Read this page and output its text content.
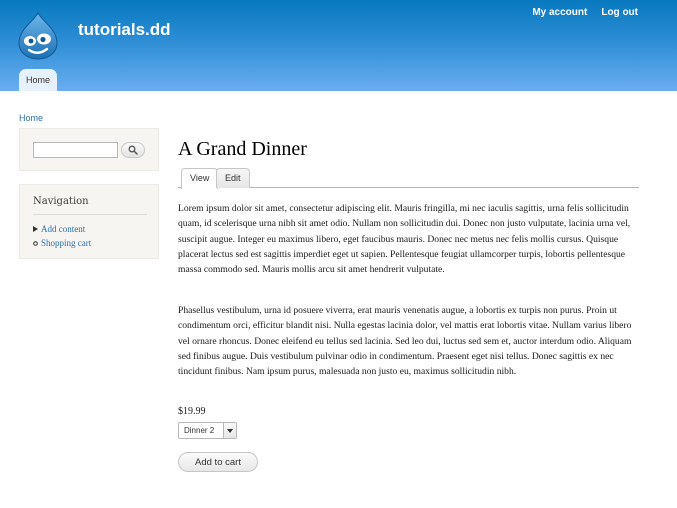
tutorials.dd
My account Log out
Home
Home
Navigation
Add content
Shopping cart
A Grand Dinner
View	Edit

Lorem ipsum dolor sit amet, consectetur adipiscing elit. Mauris fringilla, mi nec iaculis sagittis, urna felis sollicitudin quam, id scelerisque urna nibh sit amet odio. Nullam non sollicitudin dui. Donec non justo vulputate, lacinia urna vel, suscipit augue. Integer eu maximus libero, eget faucibus mauris. Donec nec metus nec felis mollis cursus. Quisque placerat lectus sed est sagittis imperdiet eget ut sapien. Pellentesque feugiat ullamcorper turpis, lobortis pellentesque massa commodo sed. Mauris mollis arcu sit amet hendrerit vulputate.

Phasellus vestibulum, urna id posuere viverra, erat mauris venenatis augue, a lobortis ex turpis non purus. Proin ut condimentum orci, efficitur blandit nisi. Nulla egestas lacinia dolor, vel mattis erat lobortis vitae. Nullam varius libero vel ornare rhoncus. Donec eleifend eu tellus sed lacinia. Sed leo dui, luctus sed sem et, auctor interdum odio. Aliquam sed finibus augue. Duis vestibulum pulvinar odio in condimentum. Praesent eget nisi tellus. Donec sagittis ex nec tincidunt finibus. Nam ipsum purus, malesuada non justo eu, maximus sollicitudin nibh.

$19.99
Dinner 2
Add to cart
